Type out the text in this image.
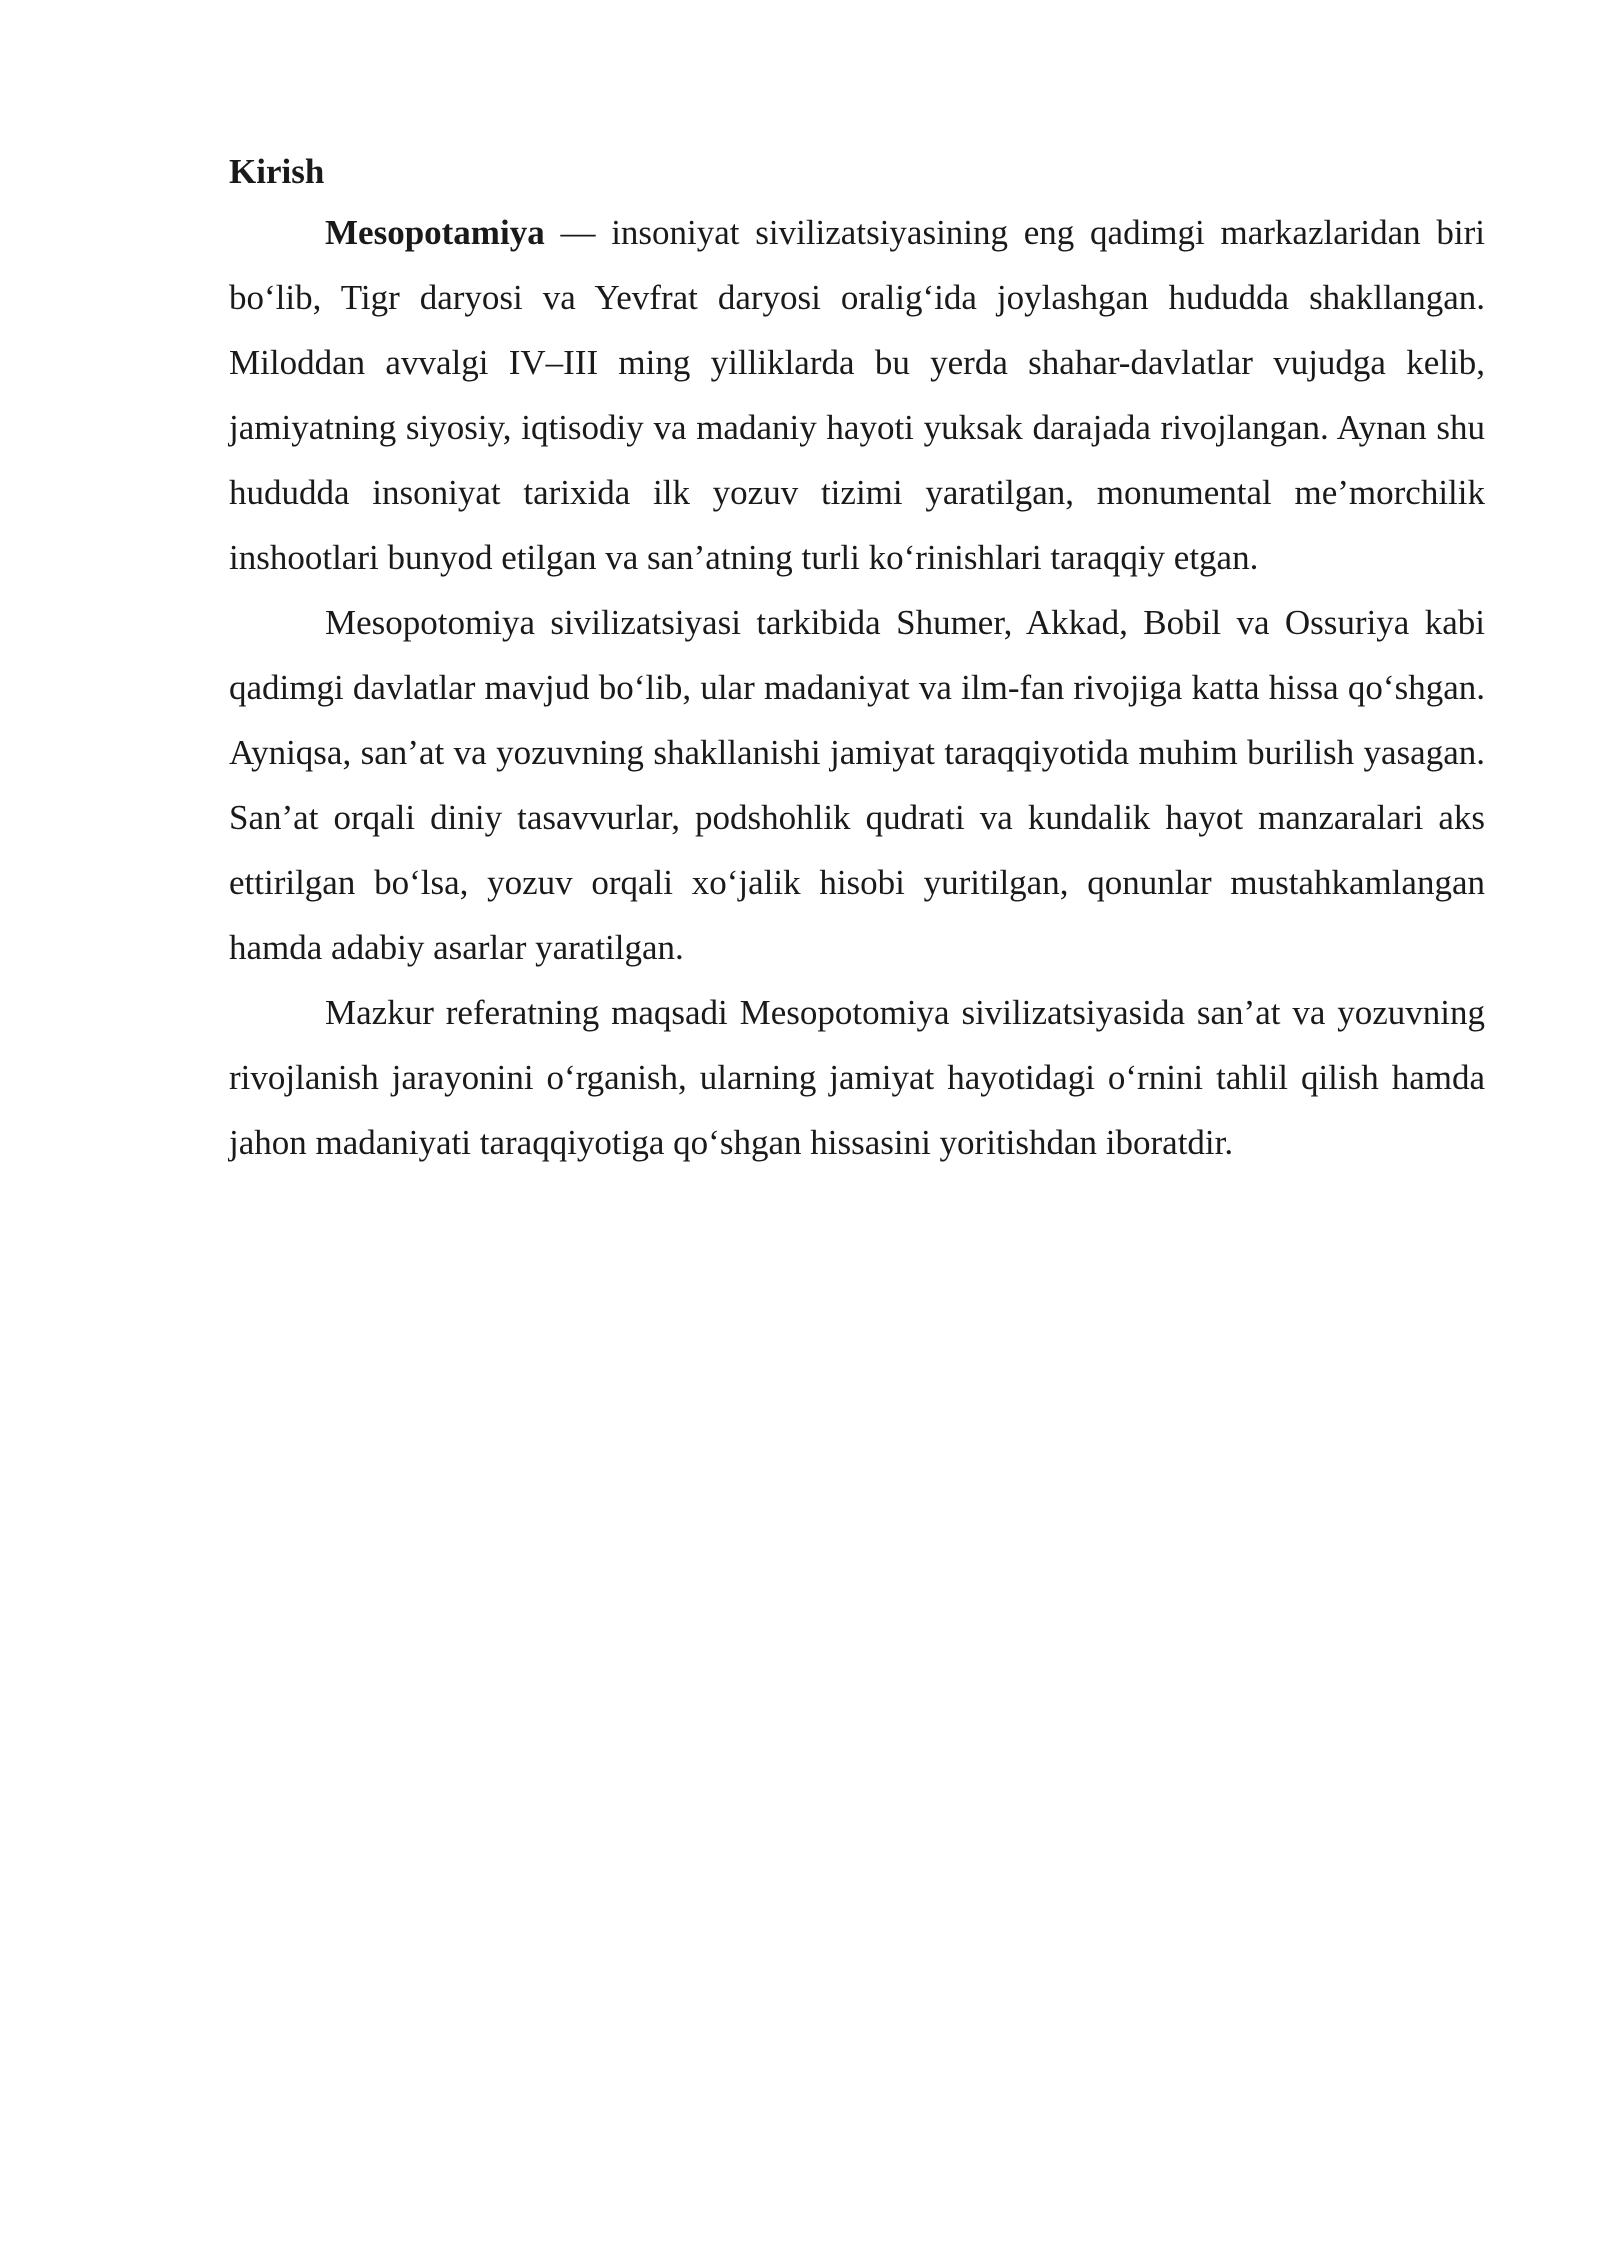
Kirish

Mesopotamiya — insoniyat sivilizatsiyasining eng qadimgi markazlaridan biri bo‘lib, Tigr daryosi va Yevfrat daryosi oralig‘ida joylashgan hududda shakllangan. Miloddan avvalgi IV–III ming yilliklarda bu yerda shahar-davlatlar vujudga kelib, jamiyatning siyosiy, iqtisodiy va madaniy hayoti yuksak darajada rivojlangan. Aynan shu hududda insoniyat tarixida ilk yozuv tizimi yaratilgan, monumental me’morchilik inshootlari bunyod etilgan va san’atning turli ko‘rinishlari taraqqiy etgan.

Mesopotomiya sivilizatsiyasi tarkibida Shumer, Akkad, Bobil va Ossuriya kabi qadimgi davlatlar mavjud bo‘lib, ular madaniyat va ilm-fan rivojiga katta hissa qo‘shgan. Ayniqsa, san’at va yozuvning shakllanishi jamiyat taraqqiyotida muhim burilish yasagan. San’at orqali diniy tasavvurlar, podshohlik qudrati va kundalik hayot manzaralari aks ettirilgan bo‘lsa, yozuv orqali xo‘jalik hisobi yuritilgan, qonunlar mustahkamlangan hamda adabiy asarlar yaratilgan.

Mazkur referatning maqsadi Mesopotomiya sivilizatsiyasida san’at va yozuvning rivojlanish jarayonini o‘rganish, ularning jamiyat hayotidagi o‘rnini tahlil qilish hamda jahon madaniyati taraqqiyotiga qo‘shgan hissasini yoritishdan iboratdir.
